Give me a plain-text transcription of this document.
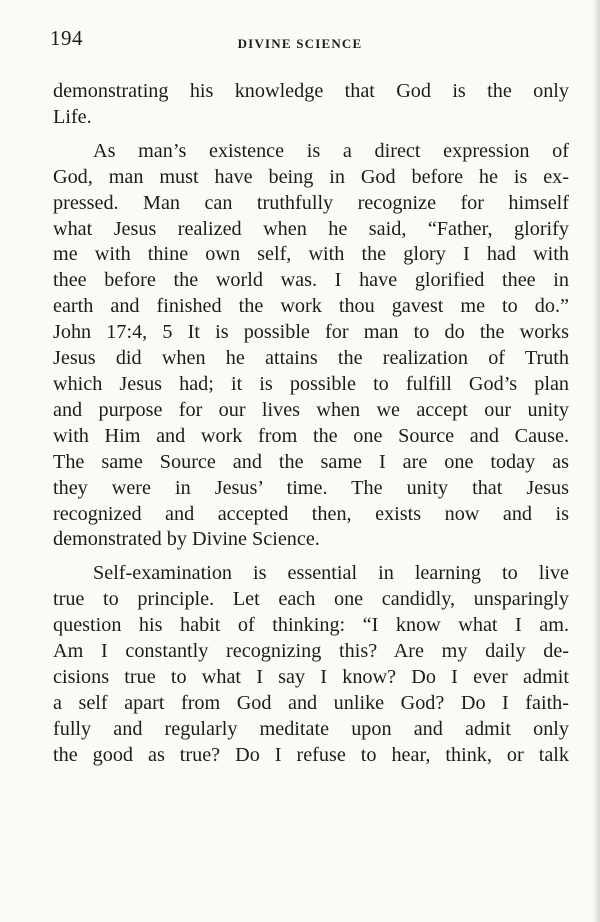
194	DIVINE SCIENCE
demonstrating his knowledge that God is the only
Life.
As man’s existence is a direct expression of
God, man must have being in God before he is ex-
pressed. Man can truthfully recognize for himself
what Jesus realized when he said, “Father, glorify
me with thine own self, with the glory I had with
thee before the world was. I have glorified thee in
earth and finished the work thou gavest me to do.”
John 17:4, 5 It is possible for man to do the works
Jesus did when he attains the realization of Truth
which Jesus had; it is possible to fulfill God’s plan
and purpose for our lives when we accept our unity
with Him and work from the one Source and Cause.
The same Source and the same I are one today as
they were in Jesus’ time. The unity that Jesus
recognized and accepted then, exists now and is
demonstrated by Divine Science.
Self-examination is essential in learning to live
true to principle. Let each one candidly, unsparingly
question his habit of thinking: “I know what I am.
Am I constantly recognizing this? Are my daily de-
cisions true to what I say I know? Do I ever admit
a self apart from God and unlike God? Do I faith-
fully and regularly meditate upon and admit only
the good as true? Do I refuse to hear, think, or talk
